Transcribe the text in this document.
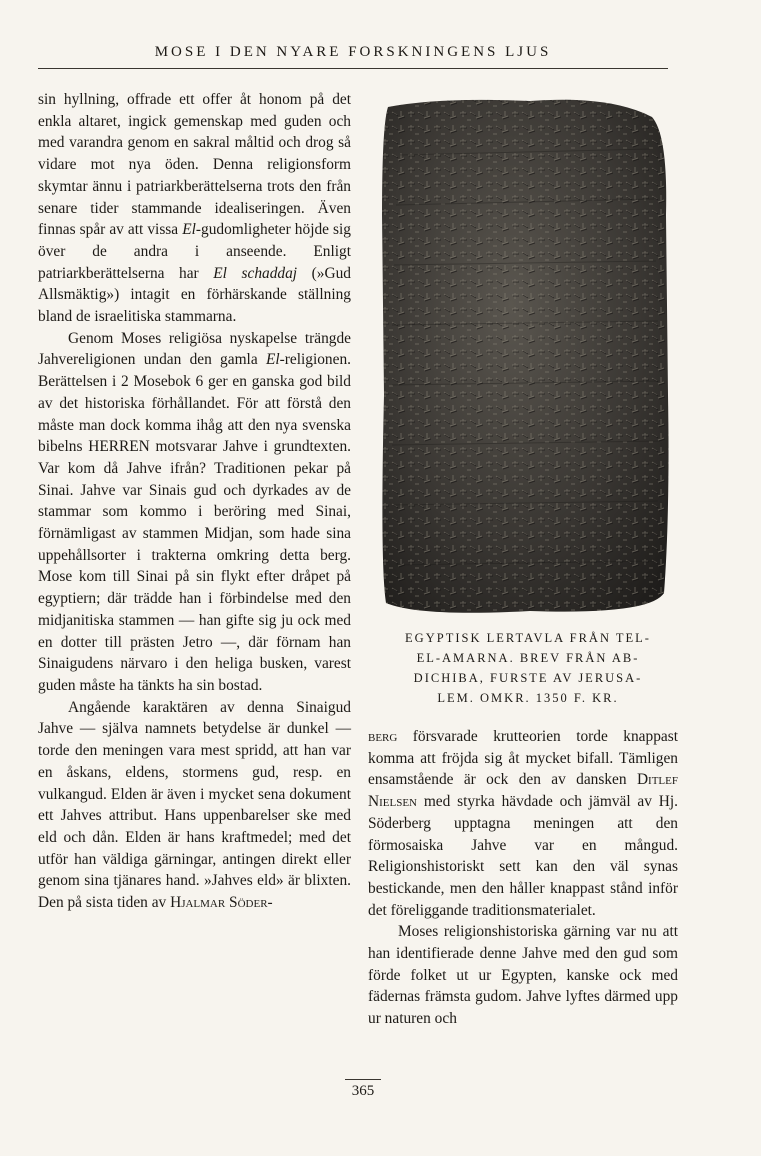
MOSE I DEN NYARE FORSKNINGENS LJUS

sin hyllning, offrade ett offer åt honom på det enkla altaret, ingick gemenskap med guden och med varandra genom en sakral måltid och drog så vidare mot nya öden. Denna religionsform skymtar ännu i patriarkberättelserna trots den från senare tider stammande idealiseringen. Även finnas spår av att vissa El-gudomligheter höjde sig över de andra i anseende. Enligt patriarkberättelserna har El schaddaj (»Gud Allsmäktig») intagit en förhärskande ställning bland de israelitiska stammarna.

Genom Moses religiösa nyskapelse trängde Jahvereligionen undan den gamla El-religionen. Berättelsen i 2 Mosebok 6 ger en ganska god bild av det historiska förhållandet. För att förstå den måste man dock komma ihåg att den nya svenska bibelns HERREN motsvarar Jahve i grundtexten. Var kom då Jahve ifrån? Traditionen pekar på Sinai. Jahve var Sinais gud och dyrkades av de stammar som kommo i beröring med Sinai, förnämligast av stammen Midjan, som hade sina uppehållsorter i trakterna omkring detta berg. Mose kom till Sinai på sin flykt efter dråpet på egyptiern; där trädde han i förbindelse med den midjanitiska stammen — han gifte sig ju ock med en dotter till prästen Jetro —, där förnam han Sinaigudens närvaro i den heliga busken, varest guden måste ha tänkts ha sin bostad.

Angående karaktären av denna Sinaigud Jahve — själva namnets betydelse är dunkel — torde den meningen vara mest spridd, att han var en åskans, eldens, stormens gud, resp. en vulkangud. Elden är även i mycket sena dokument ett Jahves attribut. Hans uppenbarelser ske med eld och dån. Elden är hans kraftmedel; med det utför han väldiga gärningar, antingen direkt eller genom sina tjänares hand. »Jahves eld» är blixten. Den på sista tiden av Hjalmar Söder-

EGYPTISK LERTAVLA FRÅN TEL-
EL-AMARNA. BREV FRÅN AB-
DICHIBA, FURSTE AV JERUSA-
LEM. OMKR. 1350 F. KR.

berg försvarade krutteorien torde knappast komma att fröjda sig åt mycket bifall. Tämligen ensamstående är ock den av dansken Ditlef Nielsen med styrka hävdade och jämväl av Hj. Söderberg upptagna meningen att den förmosaiska Jahve var en mångud. Religionshistoriskt sett kan den väl synas bestickande, men den håller knappast stånd inför det föreliggande traditionsmaterialet.

Moses religionshistoriska gärning var nu att han identifierade denne Jahve med den gud som förde folket ut ur Egypten, kanske ock med fädernas främsta gudom. Jahve lyftes därmed upp ur naturen och

365
